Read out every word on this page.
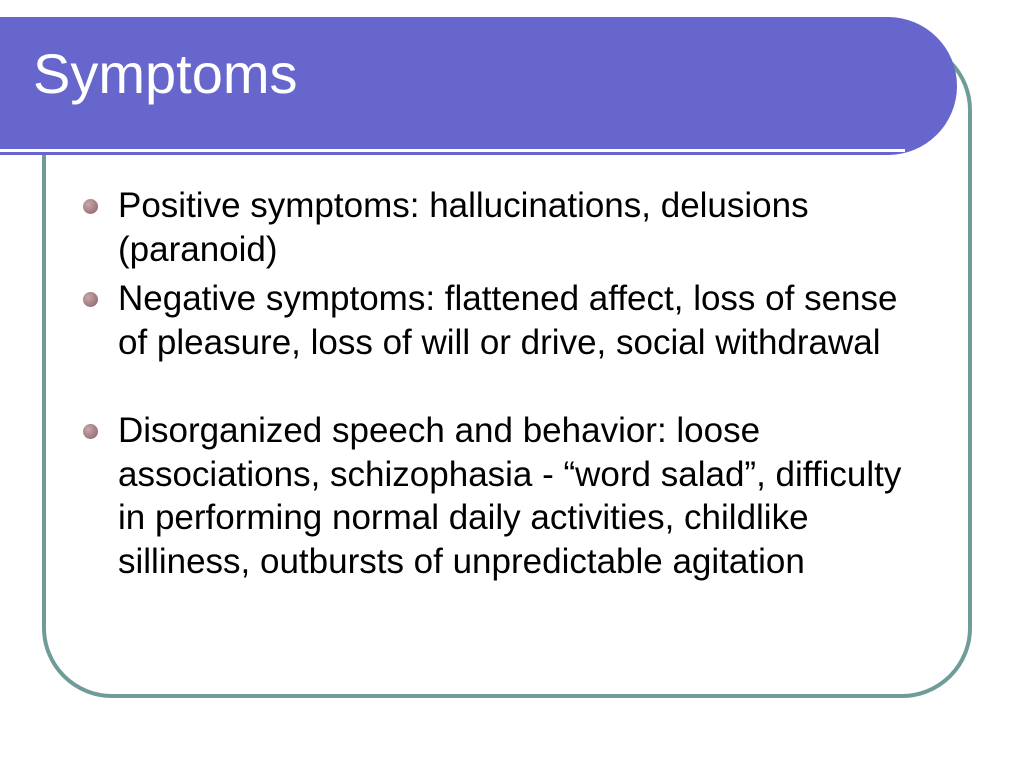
Symptoms
Positive symptoms: hallucinations, delusions (paranoid)
Negative symptoms: flattened affect, loss of sense of pleasure, loss of will or drive, social withdrawal
Disorganized speech and behavior: loose associations, schizophasia - “word salad”, difficulty in performing normal daily activities, childlike silliness, outbursts of unpredictable agitation
